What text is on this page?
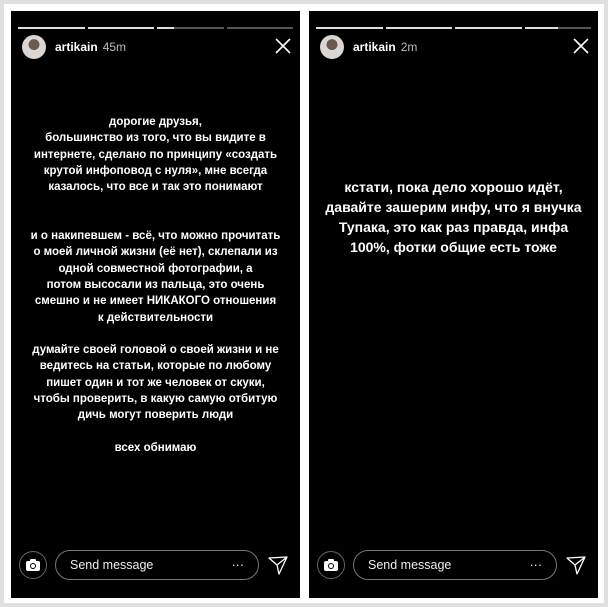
artikain 45m
дорогие друзья,
большинство из того, что вы видите в
интернете, сделано по принципу «создать
крутой инфоповод с нуля», мне всегда
казалось, что все и так это понимают

и о накипевшем - всё, что можно прочитать
о моей личной жизни (её нет), склепали из
одной совместной фотографии, а
потом высосали из пальца, это очень
смешно и не имеет НИКАКОГО отношения
к действительности

думайте своей головой о своей жизни и не
ведитесь на статьи, которые по любому
пишет один и тот же человек от скуки,
чтобы проверить, в какую самую отбитую
дичь могут поверить люди

всех обнимаю
Send message	···
artikain 2m
кстати, пока дело хорошо идёт,
давайте зашерим инфу, что я внучка
Тупака, это как раз правда, инфа
100%, фотки общие есть тоже
Send message	···
